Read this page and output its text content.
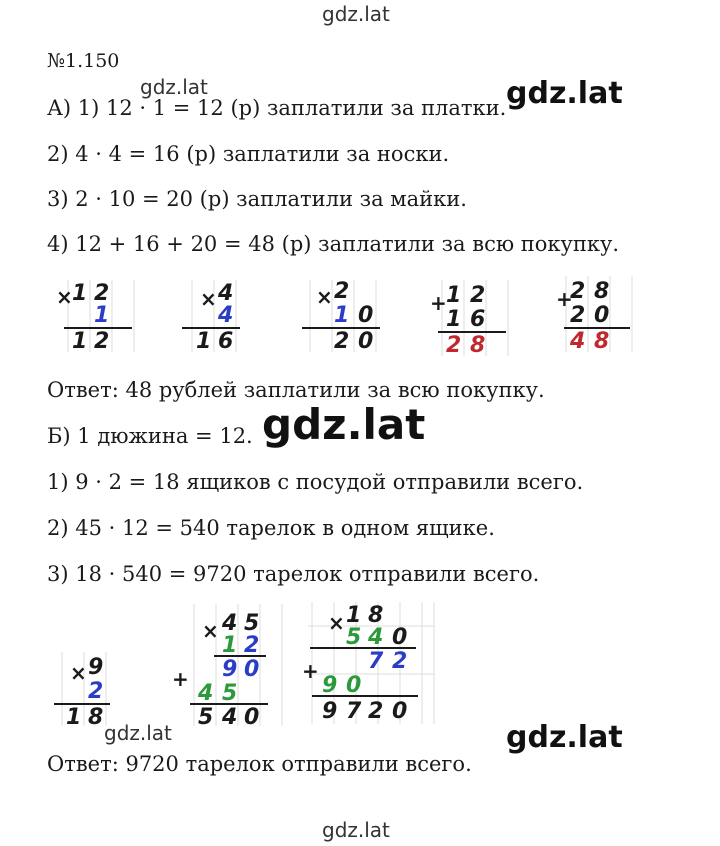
gdz.lat
gdz.lat	gdz.lat
gdz.lat
gdz.lat	gdz.lat
gdz.lat
№1.150
А) 1) 12 · 1 = 12 (р) заплатили за платки.
2) 4 · 4 = 16 (р) заплатили за носки.
3) 2 · 10 = 20 (р) заплатили за майки.
4) 12 + 16 + 20 = 48 (р) заплатили за всю покупку.
× 1 2
1
1 2
× 4
4
1 6
× 2
1 0
2 0
+ 1 2
1 6
2 8
+
2 8
2 0
4 8
Ответ: 48 рублей заплатили за всю покупку.
Б) 1 дюжина = 12.
1) 9 · 2 = 18 ящиков с посудой отправили всего.
2) 45 · 12 = 540 тарелок в одном ящике.
3) 18 · 540 = 9720 тарелок отправили всего.
× 9
2
1 8
× 4 5
1 2
9 0
+
4 5
5 4 0
× 1 8
5 4 0
7 2
+
9 0
9 7 2 0
Ответ: 9720 тарелок отправили всего.
